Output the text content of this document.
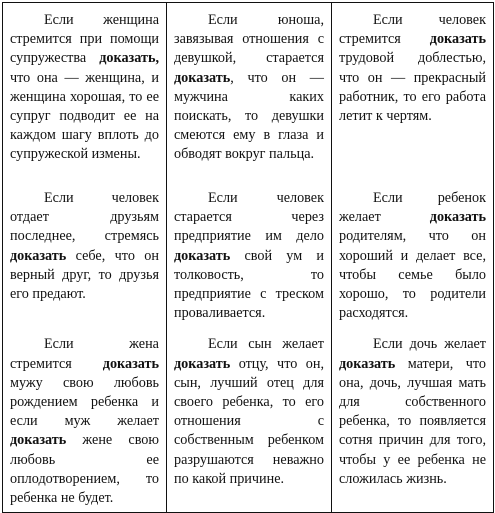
Если женщина стремится при помощи супружества доказать, что она — женщина, и женщина хорошая, то ее супруг подводит ее на каждом шагу вплоть до супружеской измены.	Если юноша, завязывая отношения с девушкой, старается доказать, что он — мужчина каких поискать, то девушки смеются ему в глаза и обводят вокруг пальца.	Если человек стремится доказать трудовой доблестью, что он — прекрасный работник, то его работа летит к чертям.
Если человек отдает друзьям последнее, стремясь доказать себе, что он верный друг, то друзья его предают.	Если человек старается через предприятие им дело доказать свой ум и толковость, то предприятие с треском проваливается.	Если ребенок желает доказать родителям, что он хороший и делает все, чтобы семье было хорошо, то родители расходятся.
Если жена стремится доказать мужу свою любовь рождением ребенка и если муж желает доказать жене свою любовь ее оплодотворением, то ребенка не будет.	Если сын желает доказать отцу, что он, сын, лучший отец для своего ребенка, то его отношения с собственным ребенком разрушаются неважно по какой причине.	Если дочь желает доказать матери, что она, дочь, лучшая мать для собственного ребенка, то появляется сотня причин для того, чтобы у ее ребенка не сложилась жизнь.
